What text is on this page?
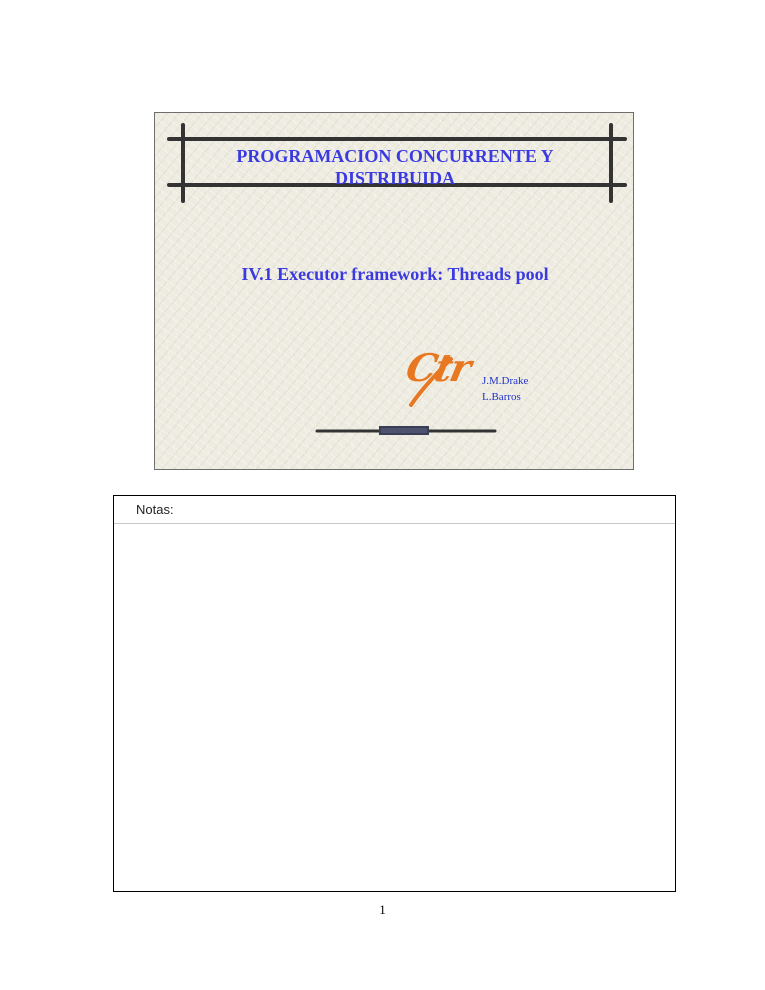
PROGRAMACION CONCURRENTE Y DISTRIBUIDA
IV.1 Executor framework: Threads pool
Ctr J.M.Drake
L.Barros
Notas:
1
